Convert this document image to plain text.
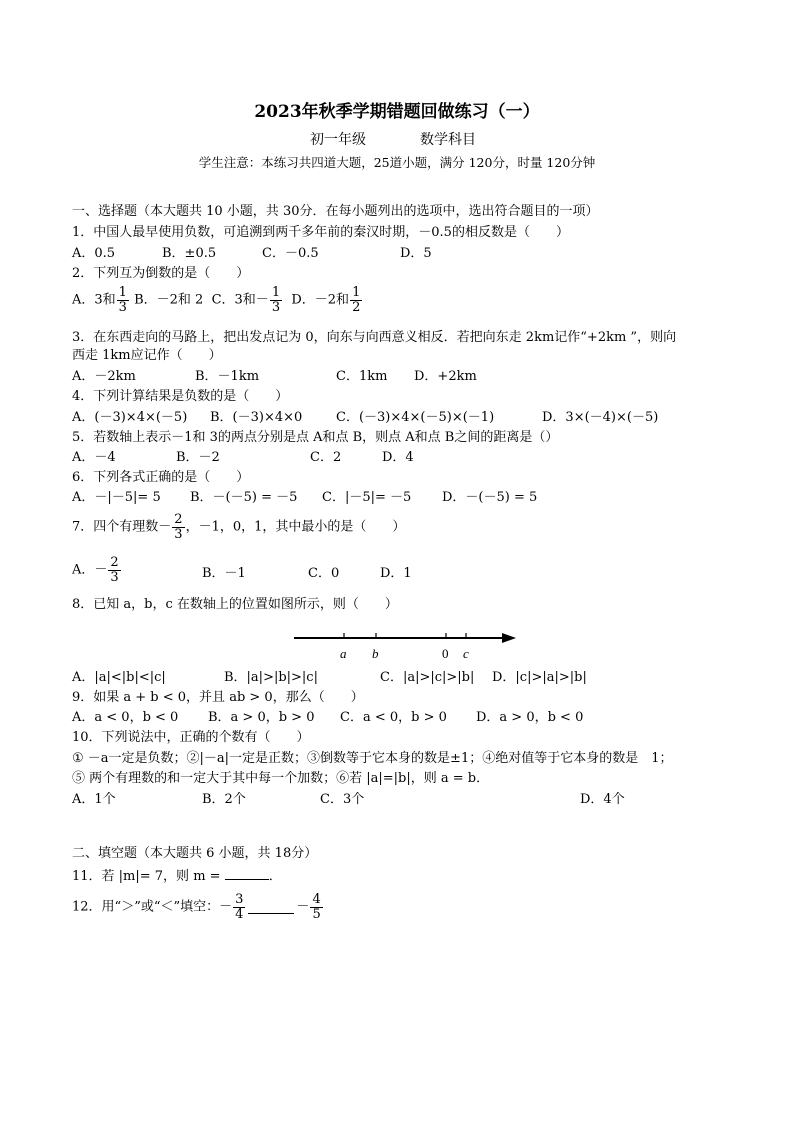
2023年秋季学期错题回做练习（一）
初一年级	数学科目
学生注意：本练习共四道大题，25道小题，满分 120分，时量 120分钟
一、选择题（本大题共 10 小题，共 30分．在每小题列出的选项中，选出符合题目的一项）
1．中国人最早使用负数，可追溯到两千多年前的秦汉时期，－0.5的相反数是（　　）
A．0.5	B．±0.5	C．－0.5	D．5
2．下列互为倒数的是（　　）
A．3和 $\frac{1}{3}$ B．－2和 2 C．3和－ $\frac{1}{3}$ D．－2和 $\frac{1}{2}$
3．在东西走向的马路上，把出发点记为 0，向东与向西意义相反．若把向东走 2km记作“+2km ”，则向
西走 1km应记作（　　）
A．－2km	B．－1km	C．1km D．+2km
4．下列计算结果是负数的是（　　）
A．(－3)×4×(－5) B．(－3)×4×0	C．(－3)×4×(－5)×(－1)	D．3×(－4)×(－5)
5．若数轴上表示－1和 3的两点分别是点 A和点 B，则点 A和点 B之间的距离是（）
A．－4	B．－2	C．2	D．4
6．下列各式正确的是（　　）
A．－|－5|= 5 B．－(－5) = －5 C．|－5|= －5 D．－(－5) = 5
7．四个有理数－ $\frac{2}{3}$ ，－1，0，1，其中最小的是（　　）
A．－ $\frac{2}{3}$	B．－1	C．0	D．1
8．已知 a，b，c 在数轴上的位置如图所示，则（　　）
a b	0 c
A．|a|<|b|<|c|	B．|a|>|b|>|c|	C．|a|>|c|>|b| D．|c|>|a|>|b|
9．如果 a + b < 0，并且 ab > 0，那么（　　）
A．a < 0，b < 0 B．a > 0，b > 0 C．a < 0，b > 0 D．a > 0，b < 0
10．下列说法中，正确的个数有（　　）
① －a一定是负数；②|－a|一定是正数；③倒数等于它本身的数是±1；④绝对值等于它本身的数是　1；
⑤ 两个有理数的和一定大于其中每一个加数；⑥若 |a|=|b|，则 a = b．
A．1个	B．2个	C．3个	D．4个
二、填空题（本大题共 6 小题，共 18分）
11．若 |m|= 7，则 m =	．
12．用“＞”或“＜”填空：－ $\frac{3}{4}$	－ $\frac{4}{5}$
